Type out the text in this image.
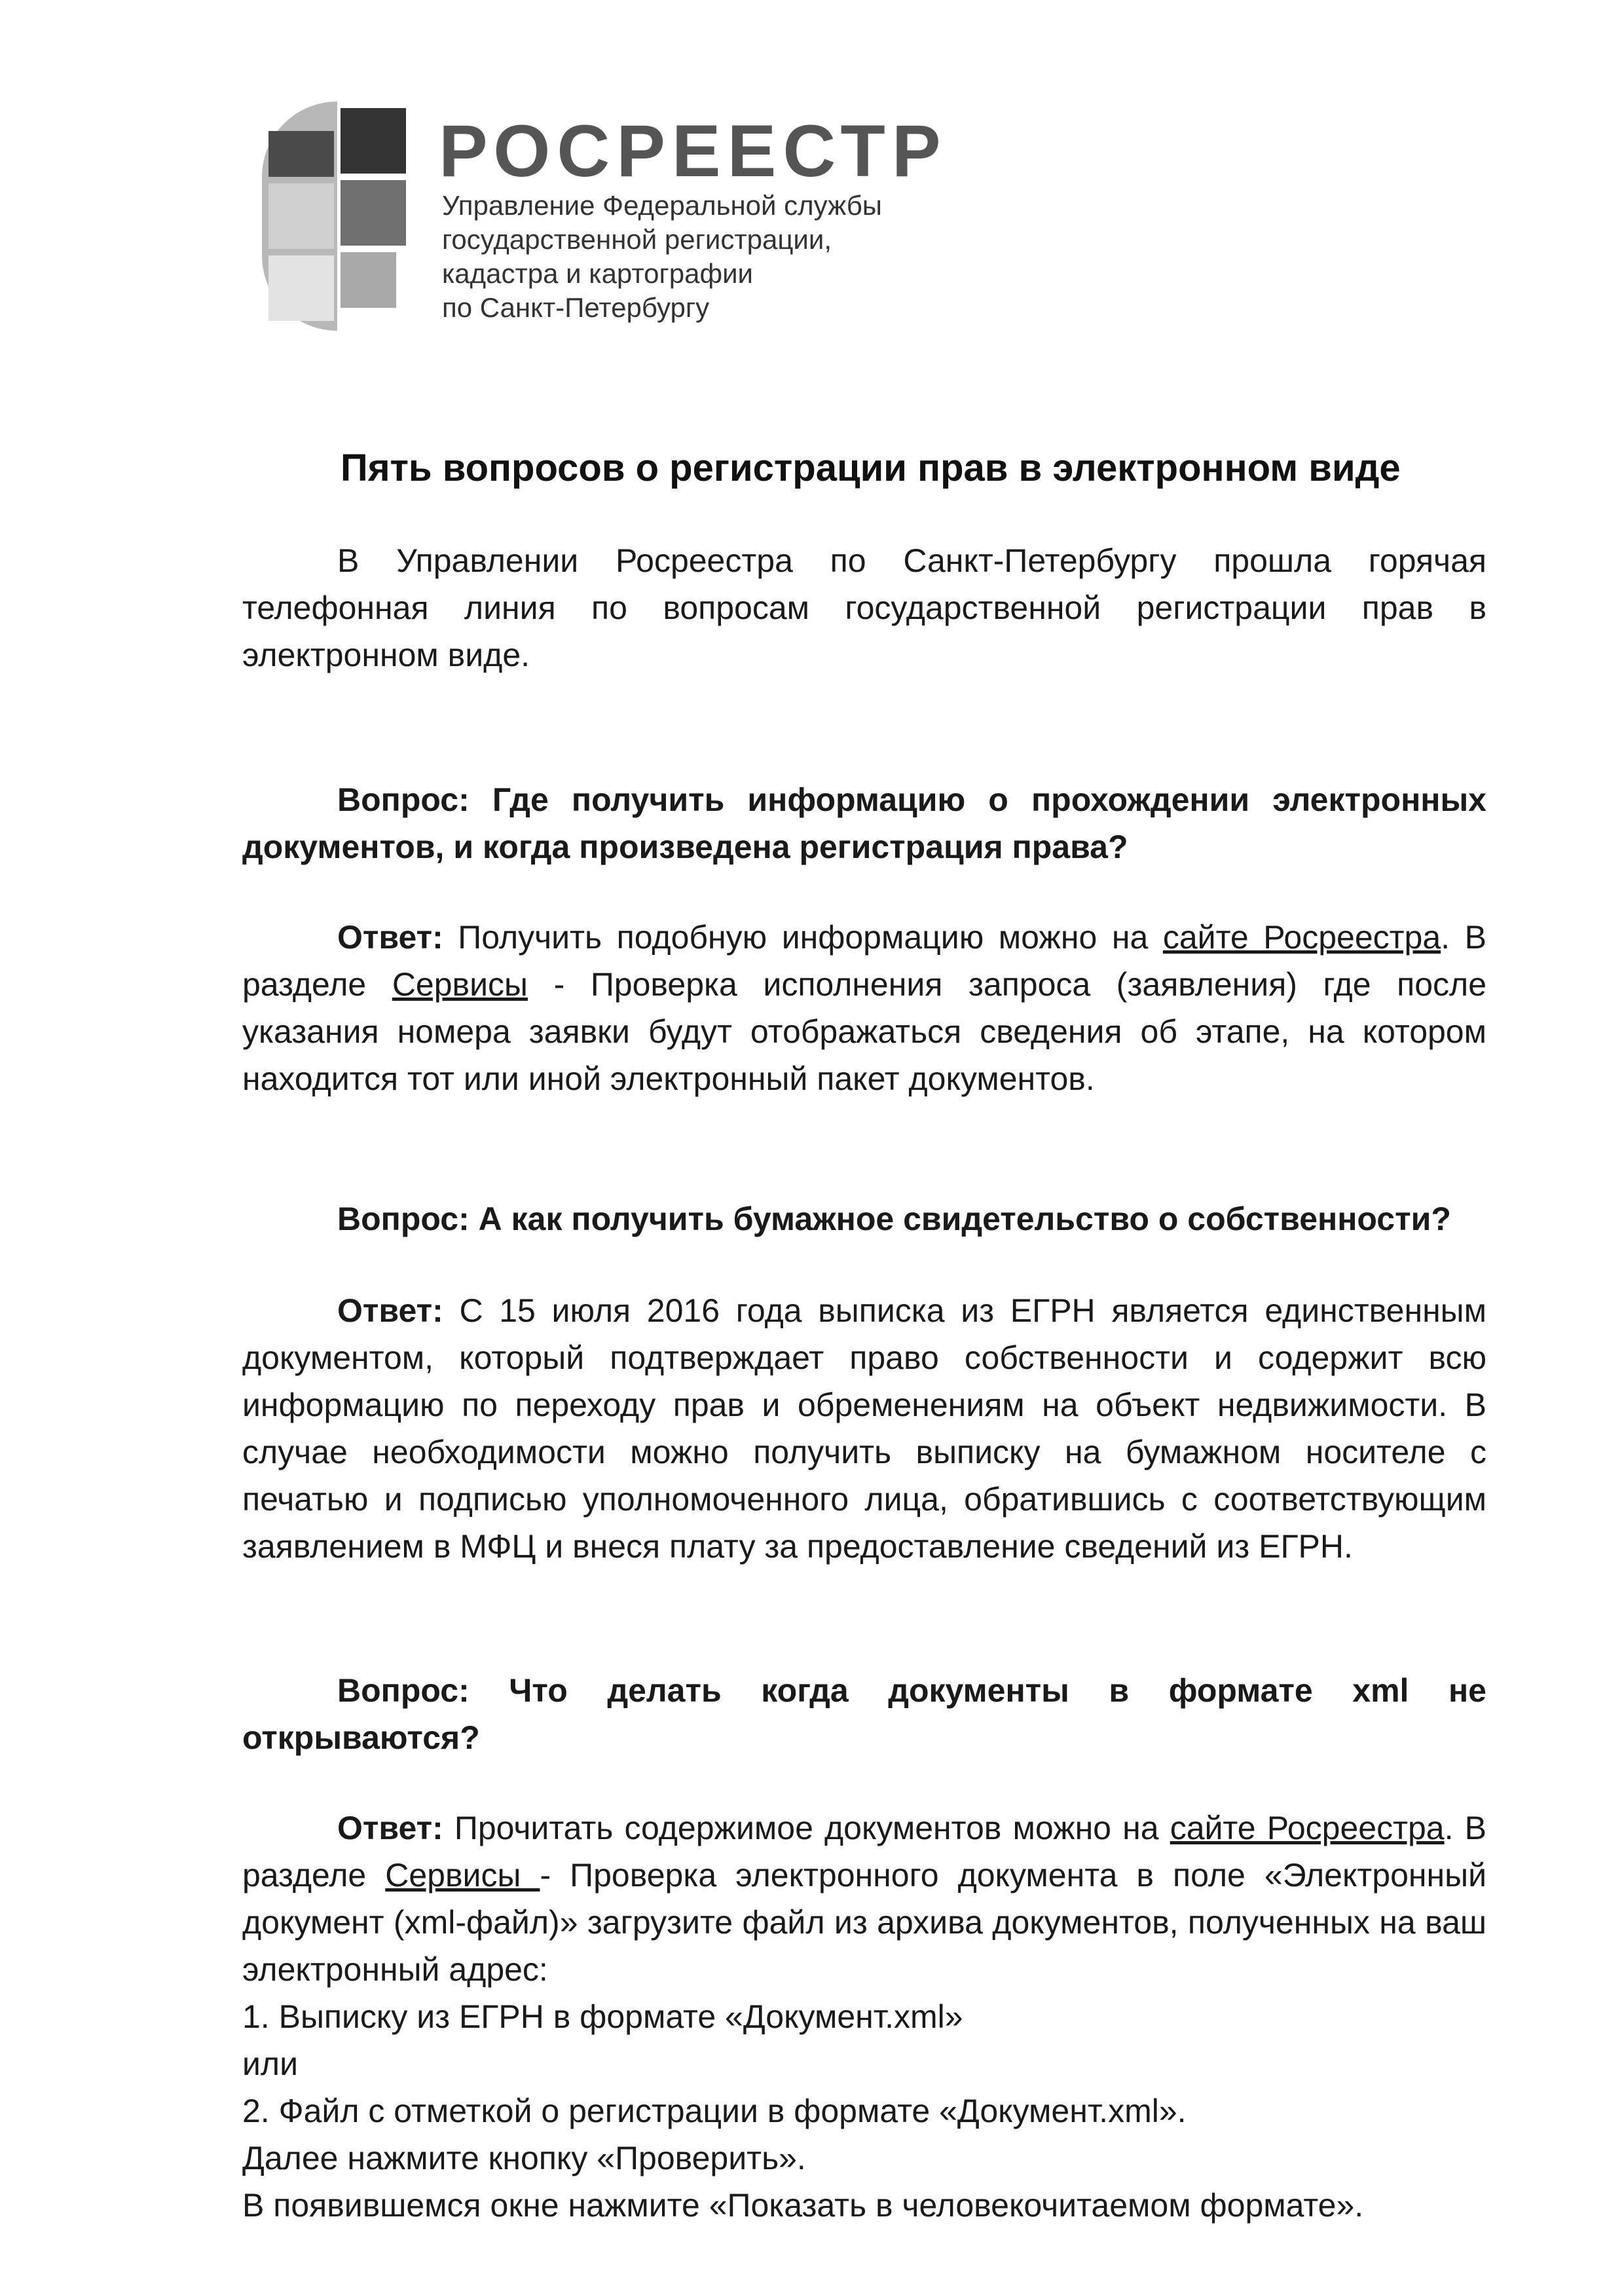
РОСРЕЕСТР
Управление Федеральной службы
государственной регистрации,
кадастра и картографии
по Санкт-Петербургу
Пять вопросов о регистрации прав в электронном виде

В Управлении Росреестра по Санкт-Петербургу прошла горячая телефонная линия по вопросам государственной регистрации прав в электронном виде.

Вопрос: Где получить информацию о прохождении электронных документов, и когда произведена регистрация права?

Ответ: Получить подобную информацию можно на сайте Росреестра. В разделе Сервисы - Проверка исполнения запроса (заявления) где после указания номера заявки будут отображаться сведения об этапе, на котором находится тот или иной электронный пакет документов.

Вопрос: А как получить бумажное свидетельство о собственности?

Ответ: С 15 июля 2016 года выписка из ЕГРН является единственным документом, который подтверждает право собственности и содержит всю информацию по переходу прав и обременениям на объект недвижимости. В случае необходимости можно получить выписку на бумажном носителе с печатью и подписью уполномоченного лица, обратившись с соответствующим заявлением в МФЦ и внеся плату за предоставление сведений из ЕГРН.

Вопрос: Что делать когда документы в формате xml не открываются?

Ответ: Прочитать содержимое документов можно на сайте Росреестра. В разделе Сервисы - Проверка электронного документа в поле «Электронный документ (xml-файл)» загрузите файл из архива документов, полученных на ваш электронный адрес:

1. Выписку из ЕГРН в формате «Документ.xml»

или

2. Файл с отметкой о регистрации в формате «Документ.xml».

Далее нажмите кнопку «Проверить».

В появившемся окне нажмите «Показать в человекочитаемом формате».
